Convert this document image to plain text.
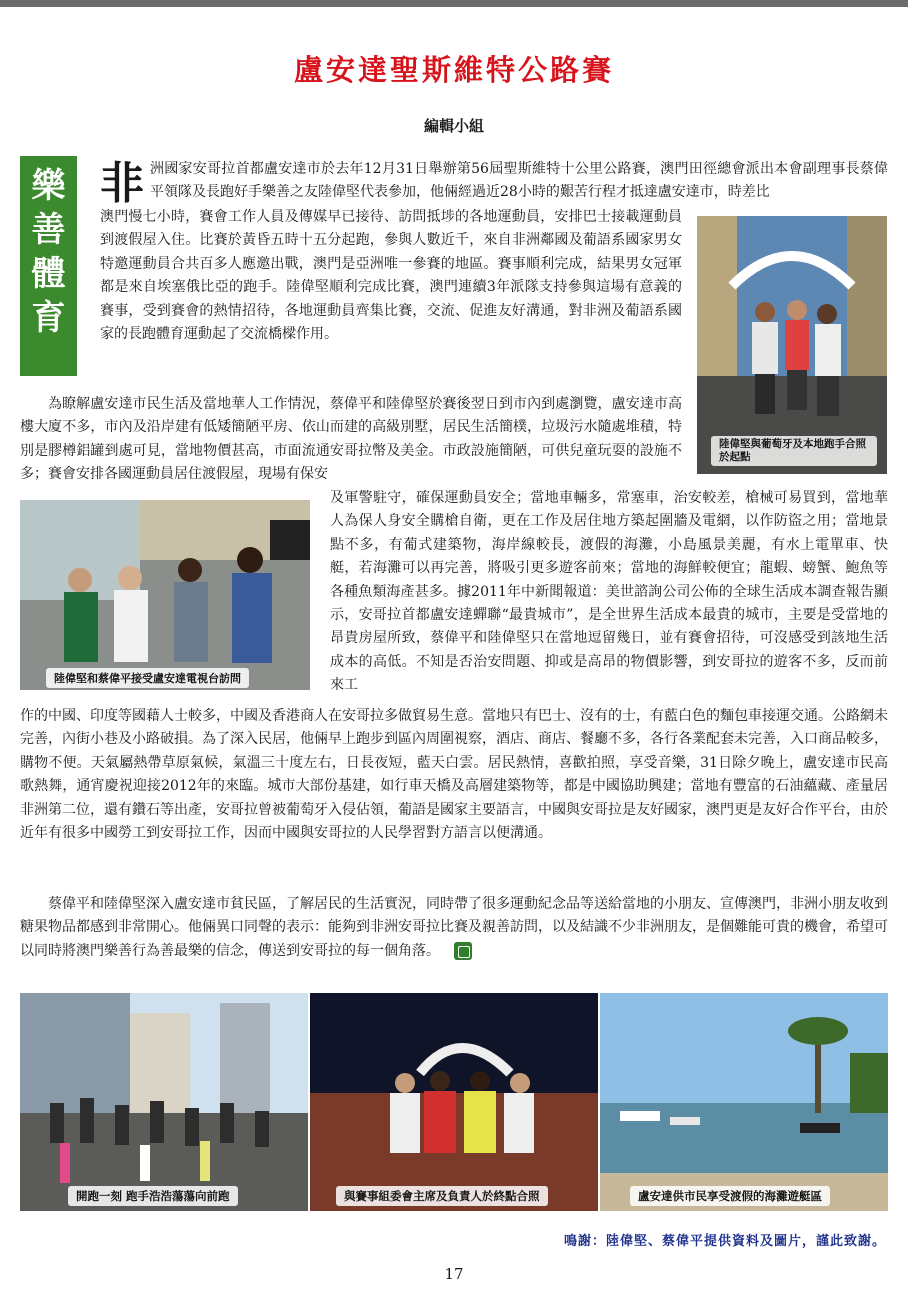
盧安達聖斯維特公路賽
編輯小組
樂
善
體
育

非洲國家安哥拉首都盧安達市於去年12月31日舉辦第56屆聖斯維特十公里公路賽，澳門田徑總會派出本會副理事長蔡偉平領隊及長跑好手樂善之友陸偉堅代表參加，他倆經過近28小時的艱苦行程才抵達盧安達市，時差比

澳門慢七小時，賽會工作人員及傳媒早已接待、訪問抵埗的各地運動員，安排巴士接載運動員到渡假屋入住。比賽於黃昏五時十五分起跑，參與人數近千，來自非洲鄰國及葡語系國家男女特邀運動員合共百多人應邀出戰，澳門是亞洲唯一參賽的地區。賽事順利完成，結果男女冠軍都是來自埃塞俄比亞的跑手。陸偉堅順利完成比賽，澳門連續3年派隊支持參與這場有意義的賽事，受到賽會的熱情招待，各地運動員齊集比賽，交流、促進友好溝通，對非洲及葡語系國家的長跑體育運動起了交流橋樑作用。

陸偉堅與葡萄牙及本地跑手合照於起點

為瞭解盧安達市民生活及當地華人工作情況，蔡偉平和陸偉堅於賽後翌日到市內到處瀏覽，盧安達市高樓大廈不多，市內及沿岸建有低矮簡陋平房、依山而建的高級別墅，居民生活簡樸，垃圾污水隨處堆積，特別是膠樽鋁罐到處可見，當地物價甚高，市面流通安哥拉幣及美金。市政設施簡陋，可供兒童玩耍的設施不多；賽會安排各國運動員居住渡假屋，現場有保安

陸偉堅和蔡偉平接受盧安達電視台訪問

及軍警駐守，確保運動員安全；當地車輛多，常塞車，治安較差，槍械可易買到，當地華人為保人身安全購槍自衛，更在工作及居住地方築起圍牆及電網，以作防盜之用；當地景點不多，有葡式建築物，海岸線較長，渡假的海灘，小島風景美麗，有水上電單車、快艇，若海灘可以再完善，將吸引更多遊客前來；當地的海鮮較便宜；龍蝦、螃蟹、鮑魚等各種魚類海產甚多。據2011年中新聞報道：美世諮詢公司公佈的全球生活成本調查報告顯示，安哥拉首都盧安達蟬聯“最貴城市”，是全世界生活成本最貴的城市，主要是受當地的昂貴房屋所致，蔡偉平和陸偉堅只在當地逗留幾日，並有賽會招待，可沒感受到該地生活成本的高低。不知是否治安問題、抑或是高昂的物價影響，到安哥拉的遊客不多，反而前來工

作的中國、印度等國藉人士較多，中國及香港商人在安哥拉多做貿易生意。當地只有巴士、沒有的士，有藍白色的麵包車接運交通。公路網未完善，內街小巷及小路破損。為了深入民居，他倆早上跑步到區內周圍視察，酒店、商店、餐廳不多，各行各業配套未完善，入口商品較多，購物不便。天氣屬熱帶草原氣候，氣溫三十度左右，日長夜短，藍天白雲。居民熱情，喜歡拍照，享受音樂，31日除夕晚上，盧安達市民高歌熱舞，通宵慶祝迎接2012年的來臨。城市大部份基建，如行車天橋及高層建築物等，都是中國協助興建；當地有豐富的石油蘊藏、產量居非洲第二位，還有鑽石等出產，安哥拉曾被葡萄牙入侵佔領，葡語是國家主要語言，中國與安哥拉是友好國家，澳門更是友好合作平台，由於近年有很多中國勞工到安哥拉工作，因而中國與安哥拉的人民學習對方語言以便溝通。

蔡偉平和陸偉堅深入盧安達市貧民區，了解居民的生活實況，同時帶了很多運動紀念品等送給當地的小朋友、宣傳澳門，非洲小朋友收到糖果物品都感到非常開心。他倆異口同聲的表示：能夠到非洲安哥拉比賽及親善訪問，以及結識不少非洲朋友，是個難能可貴的機會，希望可以同時將澳門樂善行為善最樂的信念，傳送到安哥拉的每一個角落。

開跑一刻 跑手浩浩蕩蕩向前跑	與賽事組委會主席及負責人於終點合照	盧安達供市民享受渡假的海灘遊艇區
鳴謝：陸偉堅、蔡偉平提供資料及圖片，謹此致謝。
17
